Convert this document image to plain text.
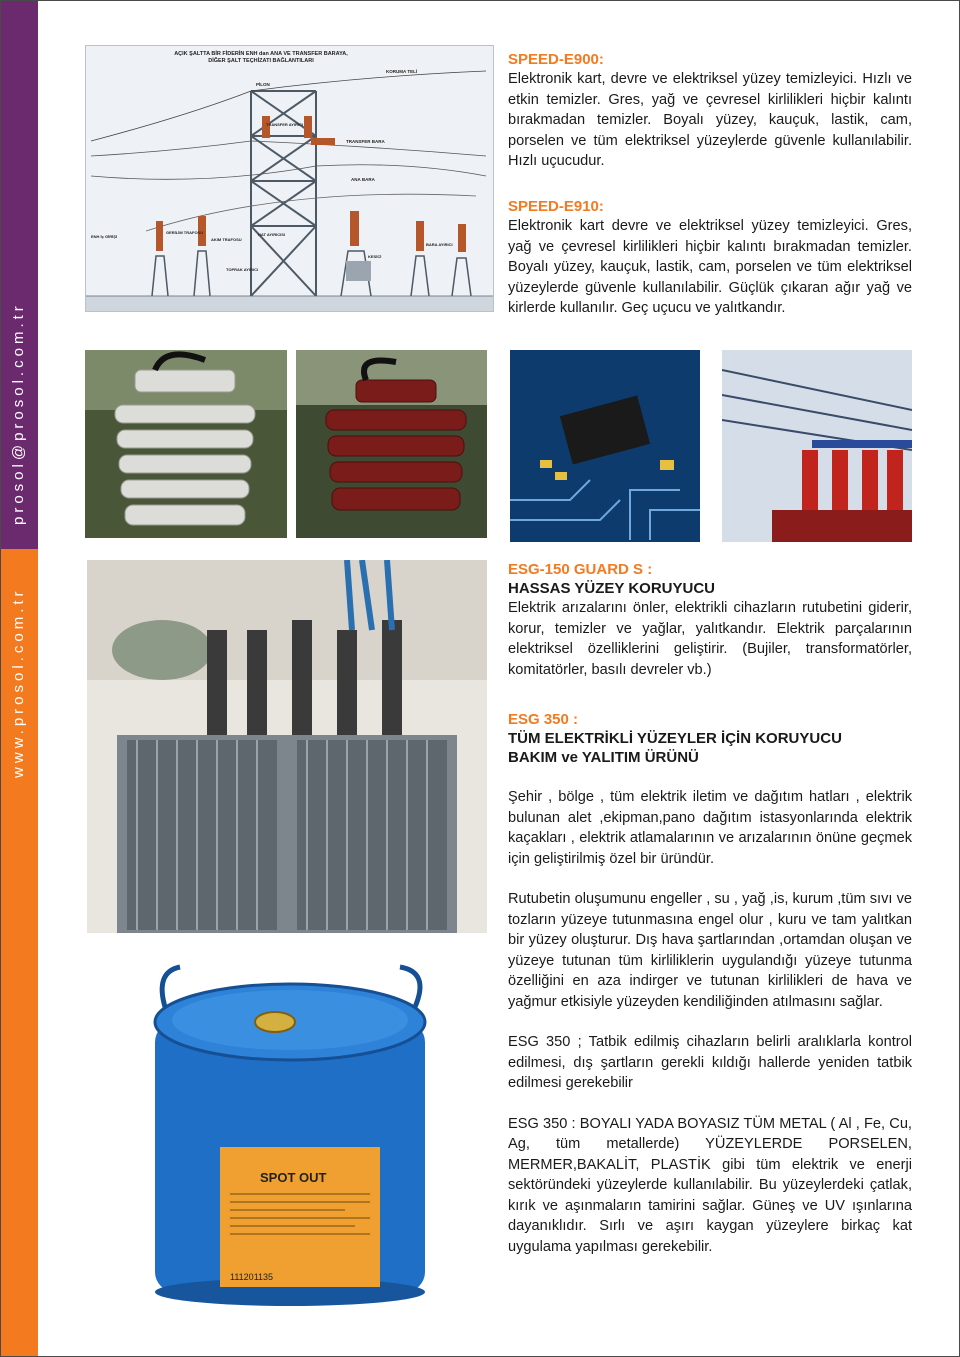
prosol@prosol.com.tr
www.prosol.com.tr
AÇIK ŞALTTA BİR FİDERİN ENH dan ANA VE TRANSFER BARAYA,
DİĞER ŞALT TEÇHİZATI BAĞLANTILARI
KORUMA TELİ
PİLON
TRANSFER AYIRICI
TRANSFER BARA
ANA BARA
ENH İç GİRİŞİ
GERİLİM TRAFOSU
AKIM TRAFOSU
HAT AYIRICISI
TOPRAK AYIRICI
KESİCİ
BARA AYIRICI
SPOT OUT
111201135

SPEED-E900:

Elektronik kart, devre ve elektriksel yüzey temizleyici. Hızlı ve etkin temizler. Gres, yağ ve çevresel kirlilikleri hiçbir kalıntı bırakmadan temizler. Boyalı yüzey, kauçuk, lastik, cam, porselen ve tüm elektriksel yüzeylerde güvenle kullanılabilir. Hızlı uçucudur.

SPEED-E910:

Elektronik kart devre ve elektriksel yüzey temizleyici. Gres, yağ ve çevresel kirlilikleri hiçbir kalıntı bırakmadan temizler. Boyalı yüzey, kauçuk, lastik, cam, porselen ve tüm elektriksel yüzeylerde güvenle kullanılabilir. Güçlük çıkaran ağır yağ ve kirlerde kullanılır. Geç uçucu ve yalıtkandır.

ESG-150 GUARD S :

HASSAS YÜZEY KORUYUCU

Elektrik arızalarını önler, elektrikli cihazların rutubetini giderir, korur, temizler ve yağlar, yalıtkandır. Elektrik parçalarının elektriksel özelliklerini geliştirir. (Bujiler, transformatörler, komitatörler, basılı devreler vb.)

ESG 350 :

TÜM ELEKTRİKLİ YÜZEYLER İÇİN KORUYUCU

BAKIM ve YALITIM ÜRÜNÜ

Şehir , bölge , tüm elektrik iletim ve dağıtım hatları , elektrik bulunan alet ,ekipman,pano dağıtım istasyonlarında elektrik kaçakları , elektrik atlamalarının ve arızalarının önüne geçmek için geliştirilmiş özel bir üründür.

Rutubetin oluşumunu engeller , su , yağ ,is, kurum ,tüm sıvı ve tozların yüzeye tutunmasına engel olur , kuru ve tam yalıtkan bir yüzey oluşturur. Dış hava şartlarından ,ortamdan oluşan ve yüzeye tutunan tüm kirliliklerin uygulandığı yüzeye tutunma özelliğini en aza indirger ve tutunan kirlilikleri de hava ve yağmur etkisiyle yüzeyden kendiliğinden atılmasını sağlar.

ESG 350 ; Tatbik edilmiş cihazların belirli aralıklarla kontrol edilmesi, dış şartların gerekli kıldığı hallerde yeniden tatbik edilmesi gerekebilir

ESG 350 : BOYALI YADA BOYASIZ TÜM METAL ( Al , Fe, Cu, Ag, tüm metallerde) YÜZEYLERDE PORSELEN, MERMER,BAKALİT, PLASTİK gibi tüm elektrik ve enerji sektöründeki yüzeylerde kullanılabilir. Bu yüzeylerdeki çatlak, kırık ve aşınmaların tamirini sağlar. Güneş ve UV ışınlarına dayanıklıdır. Sırlı ve aşırı kaygan yüzeylere birkaç kat uygulama yapılması gerekebilir.
